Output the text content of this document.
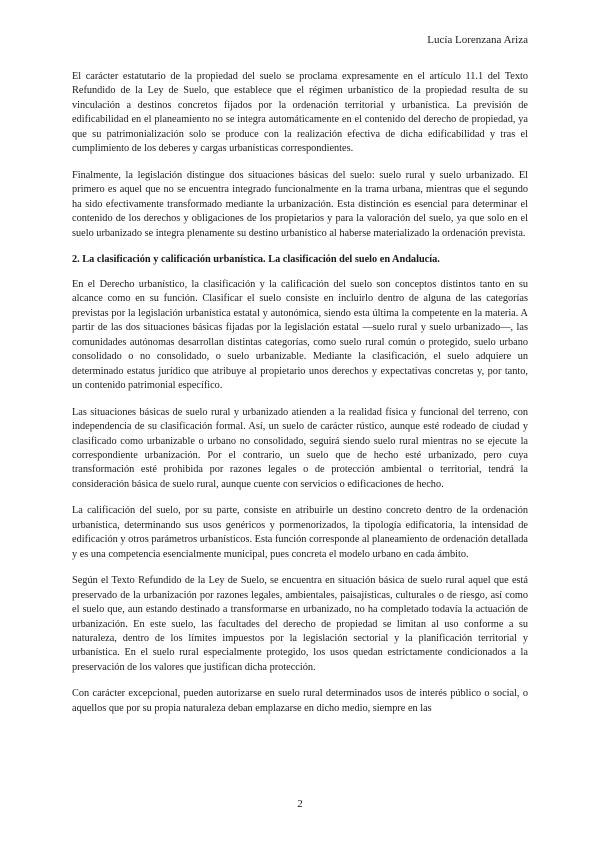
Lucía Lorenzana Ariza

El carácter estatutario de la propiedad del suelo se proclama expresamente en el artículo 11.1 del Texto Refundido de la Ley de Suelo, que establece que el régimen urbanístico de la propiedad resulta de su vinculación a destinos concretos fijados por la ordenación territorial y urbanística. La previsión de edificabilidad en el planeamiento no se integra automáticamente en el contenido del derecho de propiedad, ya que su patrimonialización solo se produce con la realización efectiva de dicha edificabilidad y tras el cumplimiento de los deberes y cargas urbanísticas correspondientes.

Finalmente, la legislación distingue dos situaciones básicas del suelo: suelo rural y suelo urbanizado. El primero es aquel que no se encuentra integrado funcionalmente en la trama urbana, mientras que el segundo ha sido efectivamente transformado mediante la urbanización. Esta distinción es esencial para determinar el contenido de los derechos y obligaciones de los propietarios y para la valoración del suelo, ya que solo en el suelo urbanizado se integra plenamente su destino urbanístico al haberse materializado la ordenación prevista.

2. La clasificación y calificación urbanística. La clasificación del suelo en Andalucía.

En el Derecho urbanístico, la clasificación y la calificación del suelo son conceptos distintos tanto en su alcance como en su función. Clasificar el suelo consiste en incluirlo dentro de alguna de las categorías previstas por la legislación urbanística estatal y autonómica, siendo esta última la competente en la materia. A partir de las dos situaciones básicas fijadas por la legislación estatal —suelo rural y suelo urbanizado—, las comunidades autónomas desarrollan distintas categorías, como suelo rural común o protegido, suelo urbano consolidado o no consolidado, o suelo urbanizable. Mediante la clasificación, el suelo adquiere un determinado estatus jurídico que atribuye al propietario unos derechos y expectativas concretas y, por tanto, un contenido patrimonial específico.

Las situaciones básicas de suelo rural y urbanizado atienden a la realidad física y funcional del terreno, con independencia de su clasificación formal. Así, un suelo de carácter rústico, aunque esté rodeado de ciudad y clasificado como urbanizable o urbano no consolidado, seguirá siendo suelo rural mientras no se ejecute la correspondiente urbanización. Por el contrario, un suelo que de hecho esté urbanizado, pero cuya transformación esté prohibida por razones legales o de protección ambiental o territorial, tendrá la consideración básica de suelo rural, aunque cuente con servicios o edificaciones de hecho.

La calificación del suelo, por su parte, consiste en atribuirle un destino concreto dentro de la ordenación urbanística, determinando sus usos genéricos y pormenorizados, la tipología edificatoria, la intensidad de edificación y otros parámetros urbanísticos. Esta función corresponde al planeamiento de ordenación detallada y es una competencia esencialmente municipal, pues concreta el modelo urbano en cada ámbito.

Según el Texto Refundido de la Ley de Suelo, se encuentra en situación básica de suelo rural aquel que está preservado de la urbanización por razones legales, ambientales, paisajísticas, culturales o de riesgo, así como el suelo que, aun estando destinado a transformarse en urbanizado, no ha completado todavía la actuación de urbanización. En este suelo, las facultades del derecho de propiedad se limitan al uso conforme a su naturaleza, dentro de los límites impuestos por la legislación sectorial y la planificación territorial y urbanística. En el suelo rural especialmente protegido, los usos quedan estrictamente condicionados a la preservación de los valores que justifican dicha protección.

Con carácter excepcional, pueden autorizarse en suelo rural determinados usos de interés público o social, o aquellos que por su propia naturaleza deban emplazarse en dicho medio, siempre en las

2
